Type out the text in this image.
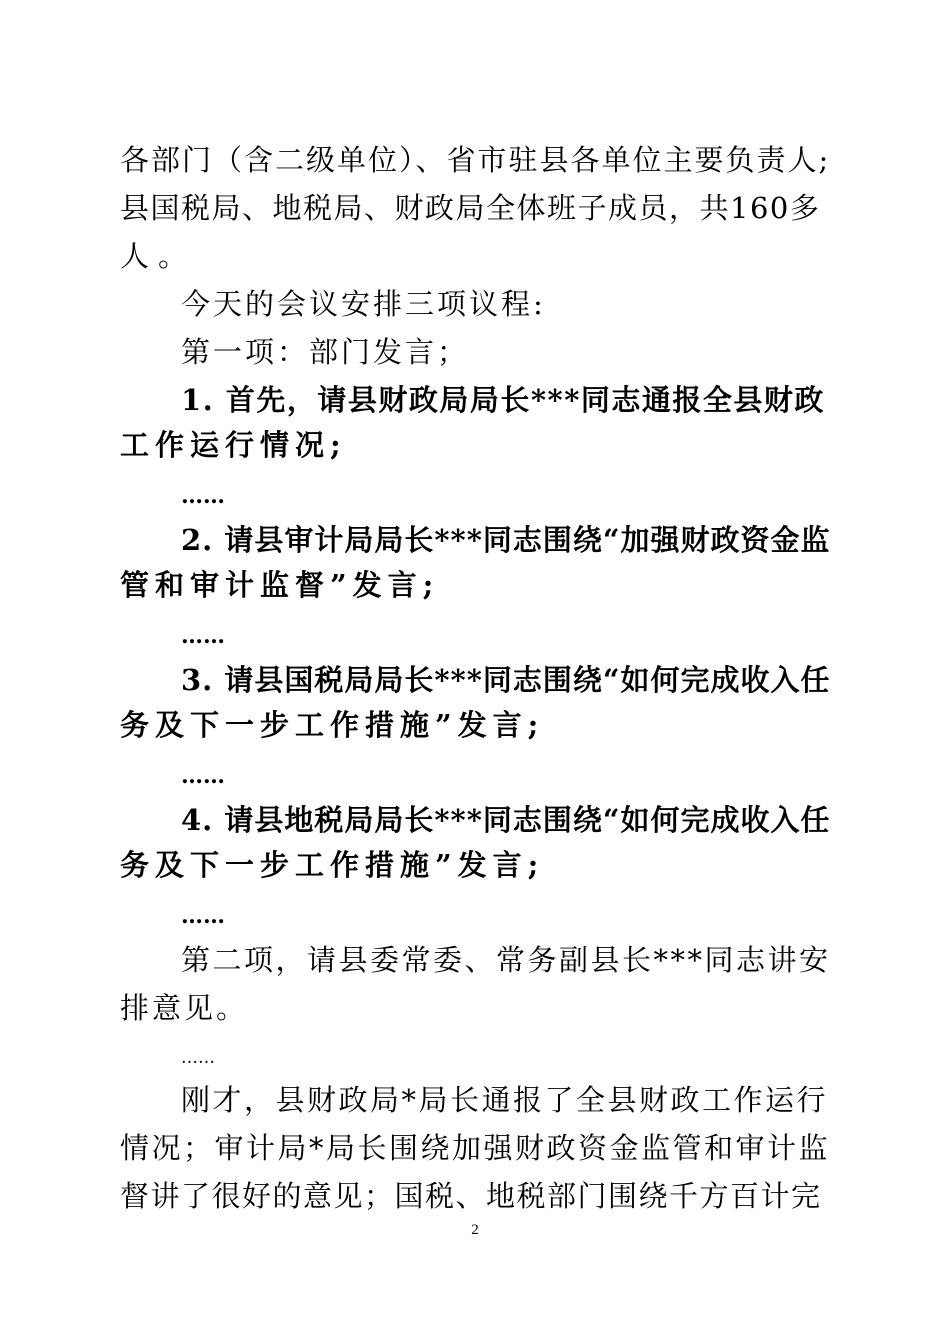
各部门（含二级单位）、省市驻县各单位主要负责人;
县国税局、地税局、财政局全体班子成员，共160多
人。
今天的会议安排三项议程:
第一项：部门发言；
1. 首先，请县财政局局长***同志通报全县财政
工作运行情况;
……
2. 请县审计局局长***同志围绕“加强财政资金监
管和审计监督”发言;
……
3. 请县国税局局长***同志围绕“如何完成收入任
务及下一步工作措施”发言;
……
4. 请县地税局局长***同志围绕“如何完成收入任
务及下一步工作措施”发言;
……
第二项，请县委常委、常务副县长***同志讲安
排意见。
……
刚才，县财政局*局长通报了全县财政工作运行
情况；审计局*局长围绕加强财政资金监管和审计监
督讲了很好的意见；国税、地税部门围绕千方百计完
2
